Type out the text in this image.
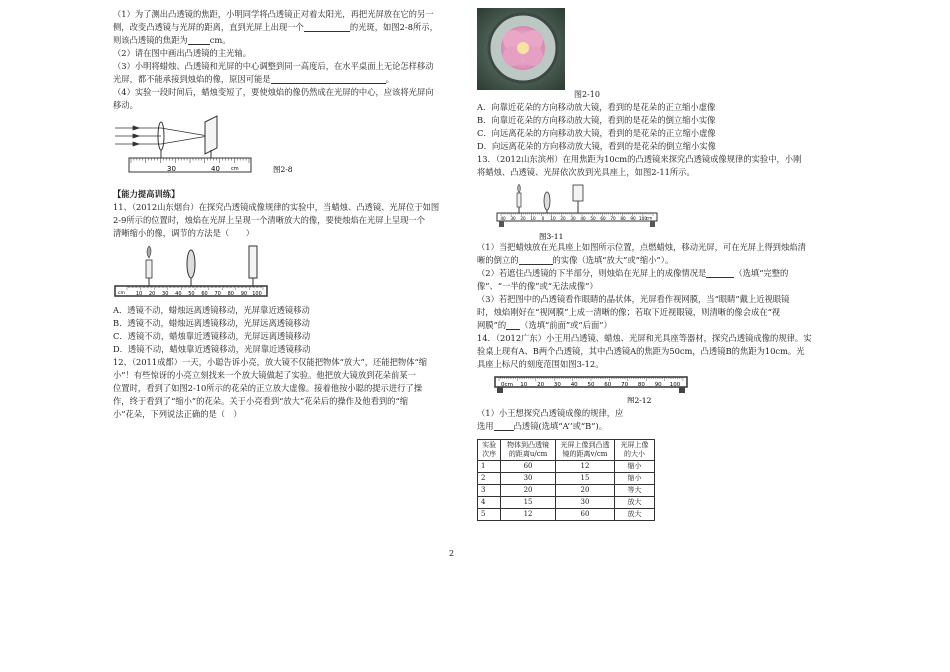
（1）为了测出凸透镜的焦距，小明同学将凸透镜正对着太阳光，再把光屏放在它的另一
侧，改变凸透镜与光屏的距离，直到光屏上出现一个	的光斑，如图2-8所示，
则该凸透镜的焦距为	cm。
（2）请在图中画出凸透镜的主光轴。
（3）小明将蜡烛、凸透镜和光屏的中心调整到同一高度后，在水平桌面上无论怎样移动
光屏，都不能承接到烛焰的像，原因可能是	。
（4）实验一段时间后，蜡烛变短了，要使烛焰的像仍然成在光屏的中心，应该将光屏向
移动。
30	40 cm	图2-8
【能力提高训练】
11、（2012山东烟台）在探究凸透镜成像规律的实验中，当蜡烛、凸透镜、光屏位于如图
2-9所示的位置时，烛焰在光屏上呈现一个清晰放大的像，要使烛焰在光屏上呈现一个
清晰缩小的像，调节的方法是（　　）
10 20 30 40 50 60 70 80 90 100
cm
A．透镜不动，蜡烛远离透镜移动，光屏靠近透镜移动
B．透镜不动，蜡烛远离透镜移动，光屏远离透镜移动
C．透镜不动，蜡烛靠近透镜移动，光屏远离透镜移动
D．透镜不动，蜡烛靠近透镜移动，光屏靠近透镜移动
12、（2011成都）一天，小聪告诉小亮，放大镜不仅能把物体“放大”，还能把物体“缩
小”！有些惊讶的小亮立刻找来一个放大镜做起了实验。他把放大镜放到花朵前某一
位置时，看到了如图2-10所示的花朵的正立放大虚像。接着他按小聪的提示进行了操
作，终于看到了“缩小”的花朵。关于小亮看到“放大”花朵后的操作及他看到的“缩
小”花朵，下列说法正确的是（　）
图2-10
A．向靠近花朵的方向移动放大镜，看到的是花朵的正立缩小虚像
B．向靠近花朵的方向移动放大镜，看到的是花朵的倒立缩小实像
C．向远离花朵的方向移动放大镜，看到的是花朵的正立缩小虚像
D．向远离花朵的方向移动放大镜，看到的是花朵的倒立缩小实像
13．（2012山东滨州）在用焦距为10cm的凸透镜来探究凸透镜成像规律的实验中，小刚
将蜡烛、凸透镜、光屏依次放到光具座上，如图2-11所示。
40 30 20 10 0 10 20 30 40 50 60 70 80 90 100 cm
图3-11
（1）当把蜡烛放在光具座上如图所示位置，点燃蜡烛，移动光屏，可在光屏上得到烛焰清
晰的倒立的	的实像（选填“放大”或“缩小”）。
（2）若遮住凸透镜的下半部分，则烛焰在光屏上的成像情况是	（选填“完整的
像”、“一半的像”或“无法成像”）
（3）若把图中的凸透镜看作眼睛的晶状体，光屏看作视网膜，当“眼睛”戴上近视眼镜
时，烛焰刚好在“视网膜”上成一清晰的像；若取下近视眼镜，则清晰的像会成在“视
网膜”的 （选填“前面”或“后面”）
14．（2012广东）小王用凸透镜、蜡烛、光屏和光具座等器材，探究凸透镜成像的规律。实
验桌上现有A、B两个凸透镜，其中凸透镜A的焦距为50cm，凸透镜B的焦距为10cm。光
具座上标尺的刻度范围如图3-12。
0cm 10 20 30 40 50 60 70 80 90 100
图2-12
（1）小王想探究凸透镜成像的规律，应
选用 凸透镜(选填“A’’或“B”)。
实验次序	物体到凸透镜的距离u/cm	光屏上像到凸透镜的距离v/cm	光屏上像的大小
1	60	12	缩小
2	30	15	缩小
3	20	20	等大
4	15	30	放大
5	12	60	放大
2
